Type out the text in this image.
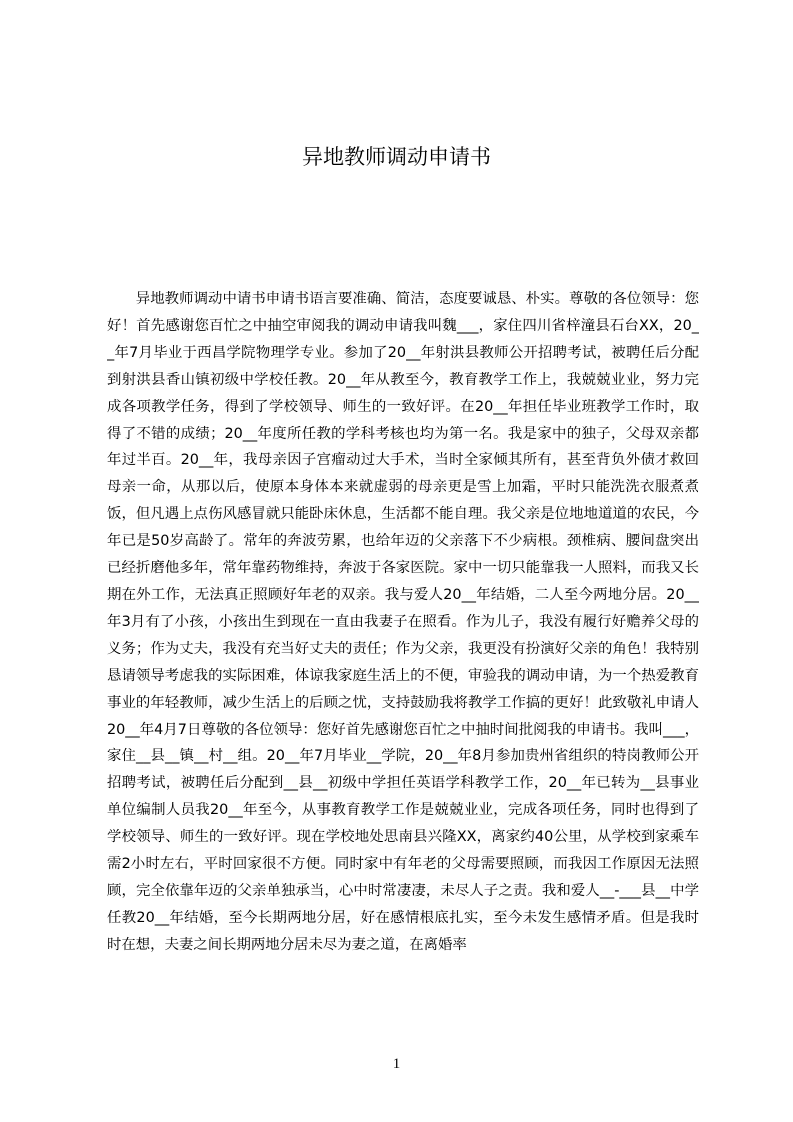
异地教师调动申请书
异地教师调动中请书申请书语言要准确、简洁，态度要诚恳、朴实。尊敬的各位领导：您好！首先感谢您百忙之中抽空审阅我的调动申请我叫魏___，家住四川省梓潼县石台XX，20__年7月毕业于西昌学院物理学专业。参加了20__年射洪县教师公开招聘考试，被聘任后分配到射洪县香山镇初级中学校任教。20__年从教至今，教育教学工作上，我兢兢业业，努力完成各项教学任务，得到了学校领导、师生的一致好评。在20__年担任毕业班教学工作时，取得了不错的成绩；20__年度所任教的学科考核也均为第一名。我是家中的独子，父母双亲都年过半百。20__年，我母亲因子宫瘤动过大手术，当时全家倾其所有，甚至背负外债才救回母亲一命，从那以后，使原本身体本来就虚弱的母亲更是雪上加霜，平时只能洗洗衣服煮煮饭，但凡遇上点伤风感冒就只能卧床休息，生活都不能自理。我父亲是位地地道道的农民，今年已是50岁高龄了。常年的奔波劳累，也给年迈的父亲落下不少病根。颈椎病、腰间盘突出已经折磨他多年，常年靠药物维持，奔波于各家医院。家中一切只能靠我一人照料，而我又长期在外工作，无法真正照顾好年老的双亲。我与爱人20__年结婚，二人至今两地分居。20__年3月有了小孩，小孩出生到现在一直由我妻子在照看。作为儿子，我没有履行好赡养父母的义务；作为丈夫，我没有充当好丈夫的责任；作为父亲，我更没有扮演好父亲的角色！我特别恳请领导考虑我的实际困难，体谅我家庭生活上的不便，审验我的调动申请，为一个热爱教育事业的年轻教师，减少生活上的后顾之忧，支持鼓励我将教学工作搞的更好！此致敬礼申请人20__年4月7日尊敬的各位领导：您好首先感谢您百忙之中抽时间批阅我的申请书。我叫___，家住__县__镇__村__组。20__年7月毕业__学院，20__年8月参加贵州省组织的特岗教师公开招聘考试，被聘任后分配到__县__初级中学担任英语学科教学工作，20__年已转为__县事业单位编制人员我20__年至今，从事教育教学工作是兢兢业业，完成各项任务，同时也得到了学校领导、师生的一致好评。现在学校地处思南县兴隆XX，离家约40公里，从学校到家乘车需2小时左右，平时回家很不方便。同时家中有年老的父母需要照顾，而我因工作原因无法照顾，完全依靠年迈的父亲单独承当，心中时常凄凄，未尽人子之责。我和爱人__-___县__中学任教20__年结婚，至今长期两地分居，好在感情根底扎实，至今未发生感情矛盾。但是我时时在想，夫妻之间长期两地分居未尽为妻之道，在离婚率
1
